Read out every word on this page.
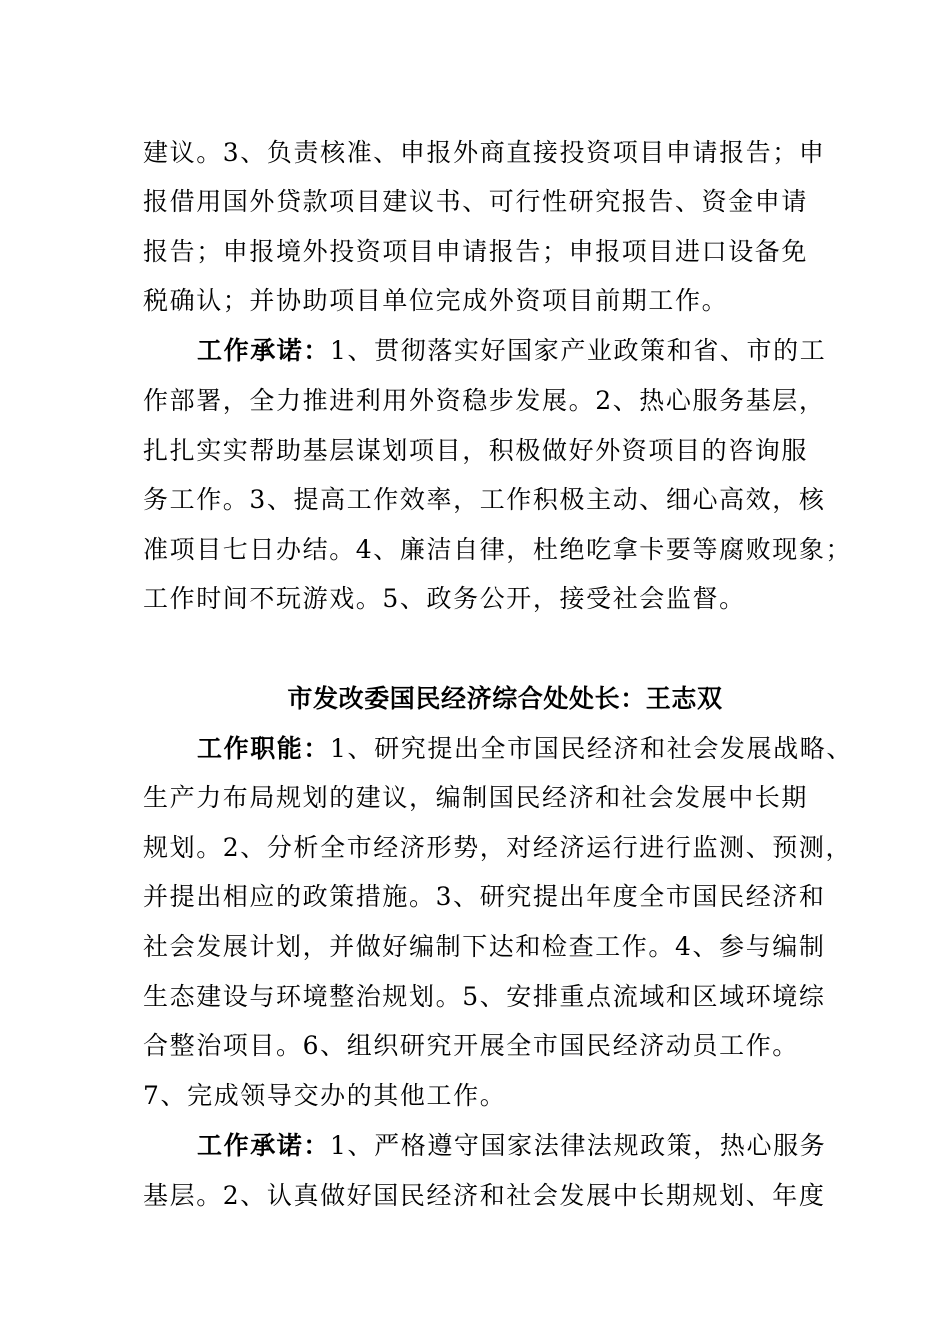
建议。3、负责核准、申报外商直接投资项目申请报告；申
报借用国外贷款项目建议书、可行性研究报告、资金申请
报告；申报境外投资项目申请报告；申报项目进口设备免
税确认；并协助项目单位完成外资项目前期工作。
工作承诺：1、贯彻落实好国家产业政策和省、市的工
作部署，全力推进利用外资稳步发展。2、热心服务基层，
扎扎实实帮助基层谋划项目，积极做好外资项目的咨询服
务工作。3、提高工作效率，工作积极主动、细心高效，核
准项目七日办结。4、廉洁自律，杜绝吃拿卡要等腐败现象；
工作时间不玩游戏。5、政务公开，接受社会监督。
市发改委国民经济综合处处长：王志双
工作职能：1、研究提出全市国民经济和社会发展战略、
生产力布局规划的建议，编制国民经济和社会发展中长期
规划。2、分析全市经济形势，对经济运行进行监测、预测，
并提出相应的政策措施。3、研究提出年度全市国民经济和
社会发展计划，并做好编制下达和检查工作。4、参与编制
生态建设与环境整治规划。5、安排重点流域和区域环境综
合整治项目。6、组织研究开展全市国民经济动员工作。
7、完成领导交办的其他工作。
工作承诺：1、严格遵守国家法律法规政策，热心服务
基层。2、认真做好国民经济和社会发展中长期规划、年度
